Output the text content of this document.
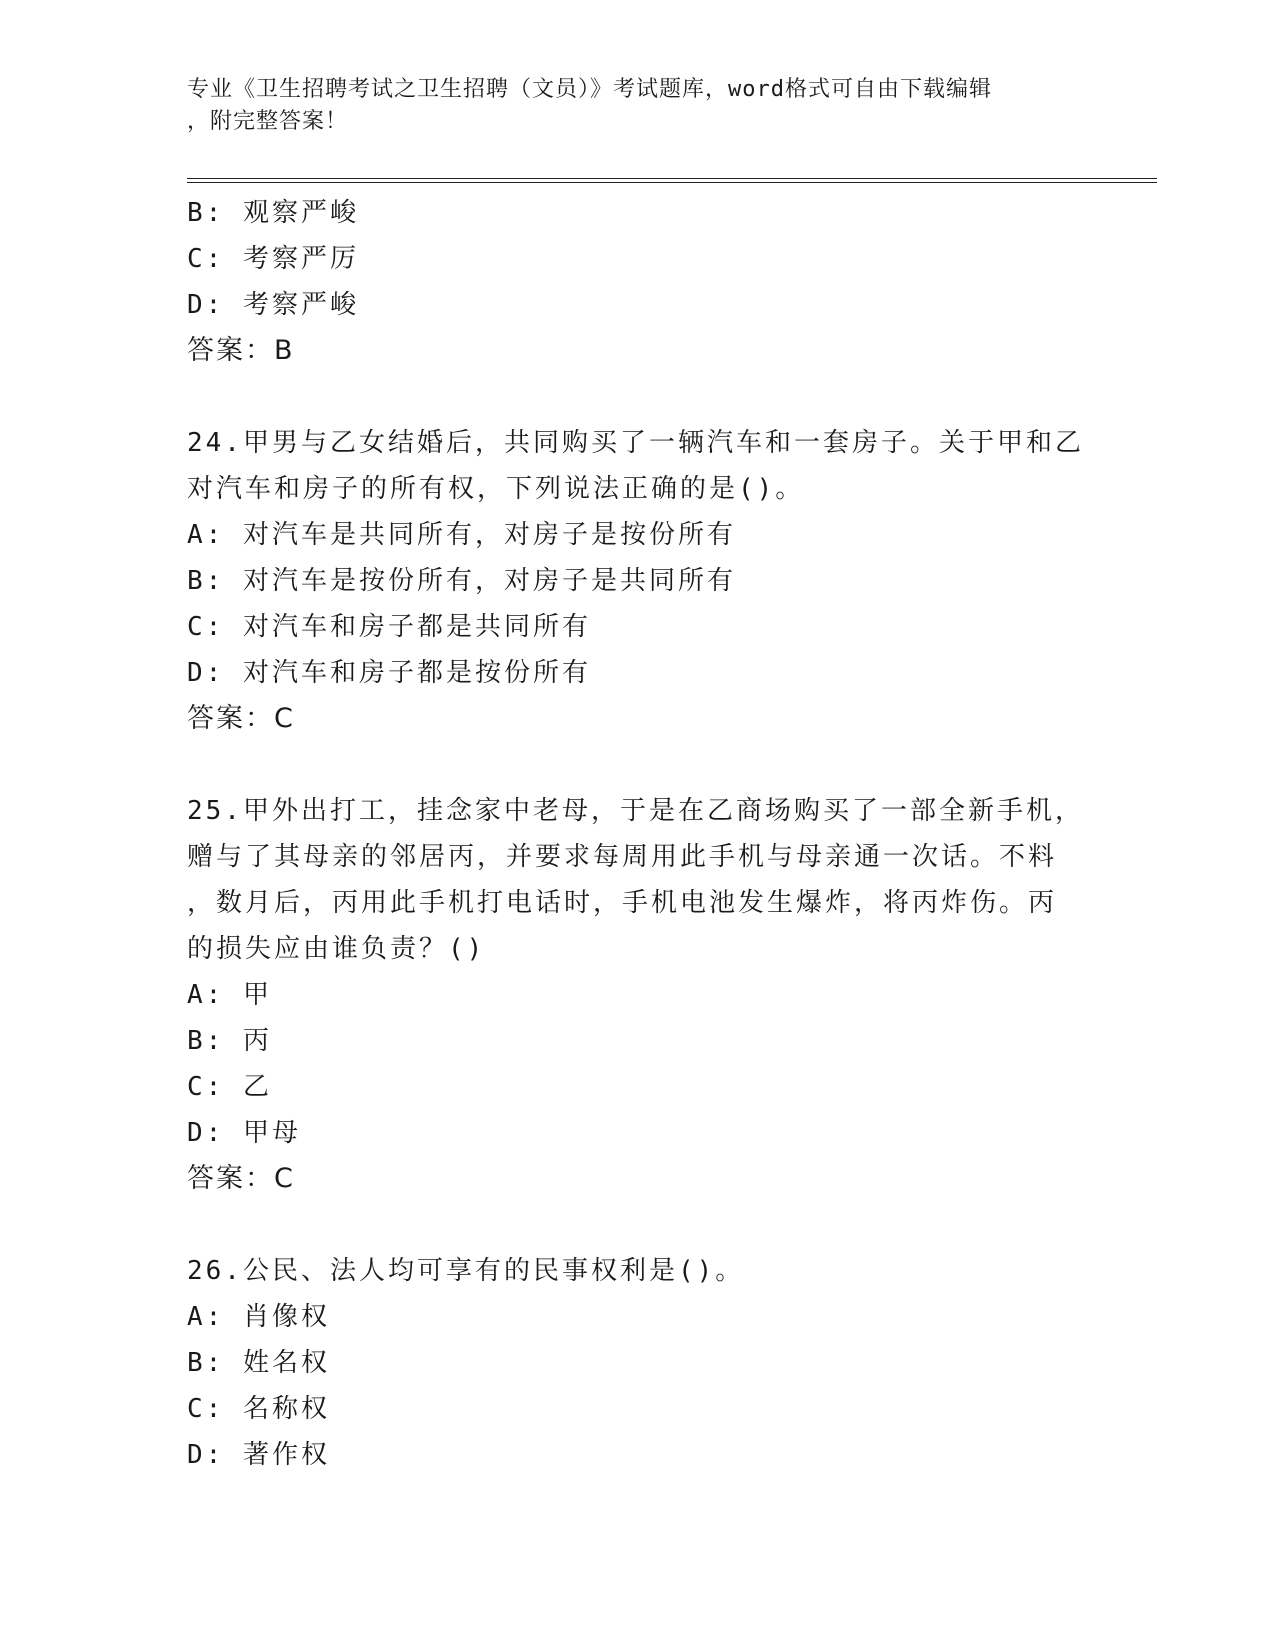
专业《卫生招聘考试之卫生招聘（文员）》考试题库，word格式可自由下载编辑
，附完整答案！
B: 观察严峻
C: 考察严厉
D: 考察严峻
答案：B
24.甲男与乙女结婚后，共同购买了一辆汽车和一套房子。关于甲和乙
对汽车和房子的所有权，下列说法正确的是()。
A: 对汽车是共同所有，对房子是按份所有
B: 对汽车是按份所有，对房子是共同所有
C: 对汽车和房子都是共同所有
D: 对汽车和房子都是按份所有
答案：C
25.甲外出打工，挂念家中老母，于是在乙商场购买了一部全新手机，
赠与了其母亲的邻居丙，并要求每周用此手机与母亲通一次话。不料
，数月后，丙用此手机打电话时，手机电池发生爆炸，将丙炸伤。丙
的损失应由谁负责？()
A: 甲
B: 丙
C: 乙
D: 甲母
答案：C
26.公民、法人均可享有的民事权利是()。
A: 肖像权
B: 姓名权
C: 名称权
D: 著作权
